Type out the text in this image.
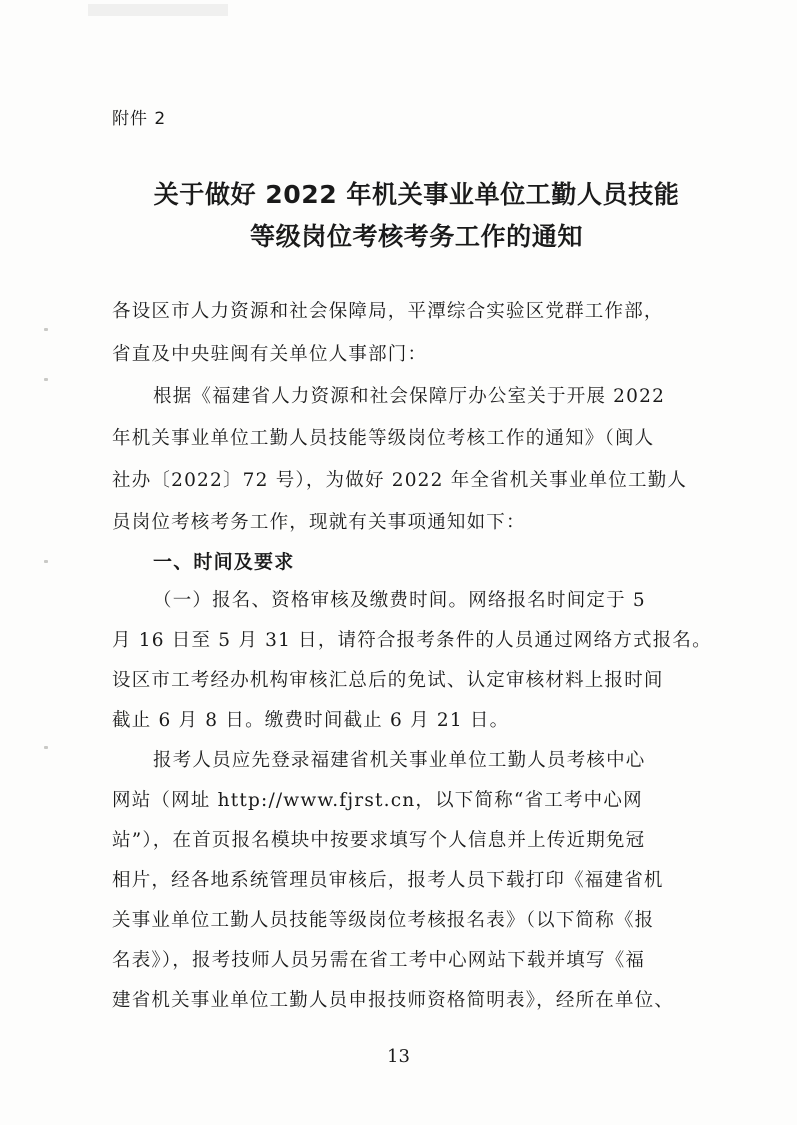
附件 2
关于做好 2022 年机关事业单位工勤人员技能
等级岗位考核考务工作的通知
各设区市人力资源和社会保障局，平潭综合实验区党群工作部，
省直及中央驻闽有关单位人事部门：
根据《福建省人力资源和社会保障厅办公室关于开展 2022
年机关事业单位工勤人员技能等级岗位考核工作的通知》（闽人
社办〔2022〕72 号），为做好 2022 年全省机关事业单位工勤人
员岗位考核考务工作，现就有关事项通知如下：
一、时间及要求
（一）报名、资格审核及缴费时间。网络报名时间定于 5
月 16 日至 5 月 31 日，请符合报考条件的人员通过网络方式报名。
设区市工考经办机构审核汇总后的免试、认定审核材料上报时间
截止 6 月 8 日。缴费时间截止 6 月 21 日。
报考人员应先登录福建省机关事业单位工勤人员考核中心
网站（网址 http://www.fjrst.cn，以下简称“省工考中心网
站”），在首页报名模块中按要求填写个人信息并上传近期免冠
相片，经各地系统管理员审核后，报考人员下载打印《福建省机
关事业单位工勤人员技能等级岗位考核报名表》（以下简称《报
名表》），报考技师人员另需在省工考中心网站下载并填写《福
建省机关事业单位工勤人员申报技师资格简明表》，经所在单位、
13
